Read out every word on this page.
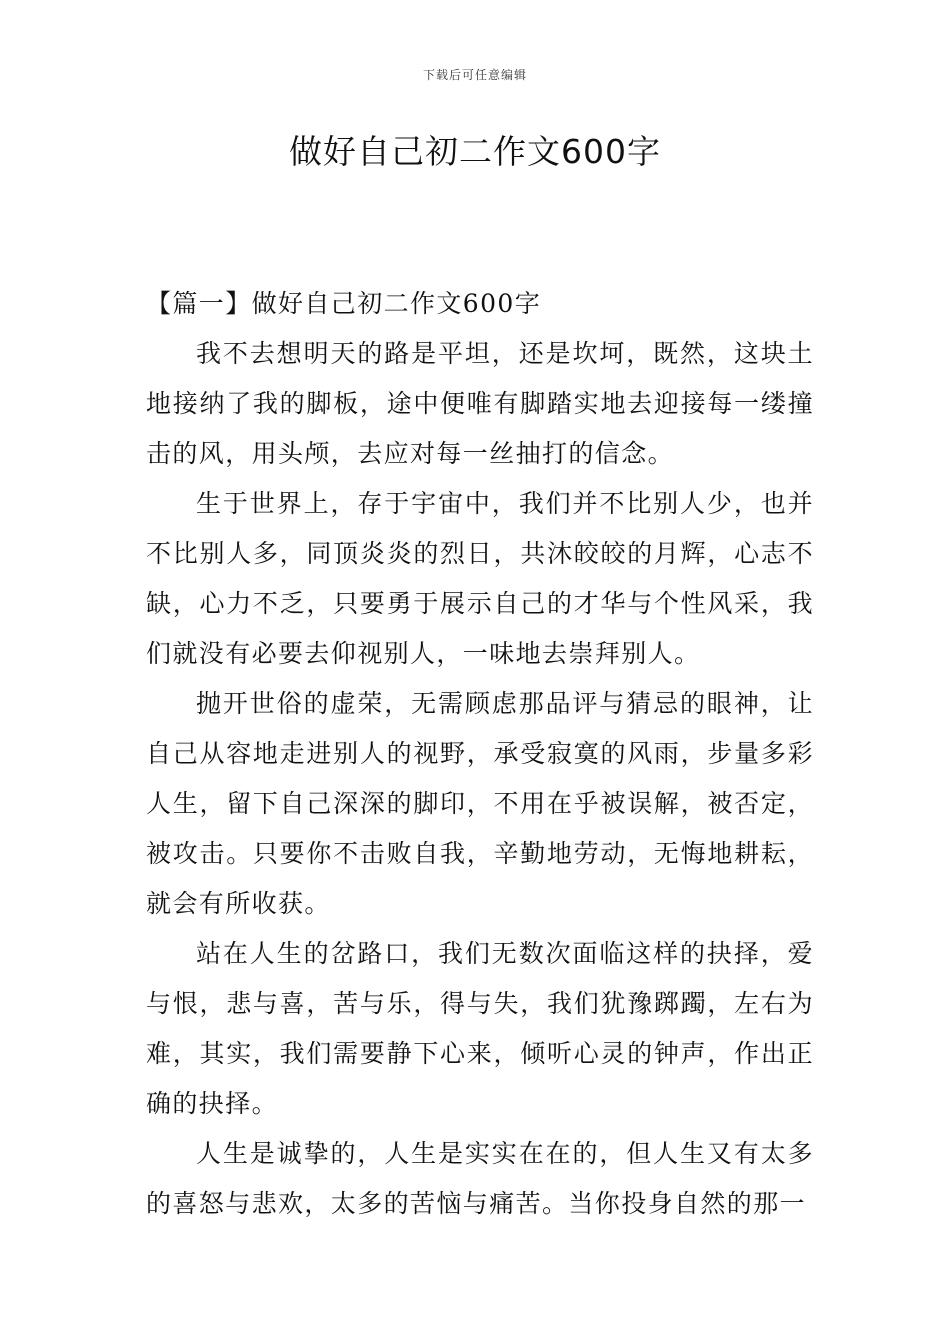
下载后可任意编辑
做好自己初二作文600字
【篇一】做好自己初二作文600字

我不去想明天的路是平坦，还是坎坷，既然，这块土地接纳了我的脚板，途中便唯有脚踏实地去迎接每一缕撞击的风，用头颅，去应对每一丝抽打的信念。

生于世界上，存于宇宙中，我们并不比别人少，也并不比别人多，同顶炎炎的烈日，共沐皎皎的月辉，心志不缺，心力不乏，只要勇于展示自己的才华与个性风采，我们就没有必要去仰视别人，一味地去崇拜别人。

抛开世俗的虚荣，无需顾虑那品评与猜忌的眼神，让自己从容地走进别人的视野，承受寂寞的风雨，步量多彩人生，留下自己深深的脚印，不用在乎被误解，被否定，被攻击。只要你不击败自我，辛勤地劳动，无悔地耕耘，就会有所收获。

站在人生的岔路口，我们无数次面临这样的抉择，爱与恨，悲与喜，苦与乐，得与失，我们犹豫踯躅，左右为难，其实，我们需要静下心来，倾听心灵的钟声，作出正确的抉择。

人生是诚挚的，人生是实实在在的，但人生又有太多的喜怒与悲欢，太多的苦恼与痛苦。当你投身自然的那一
